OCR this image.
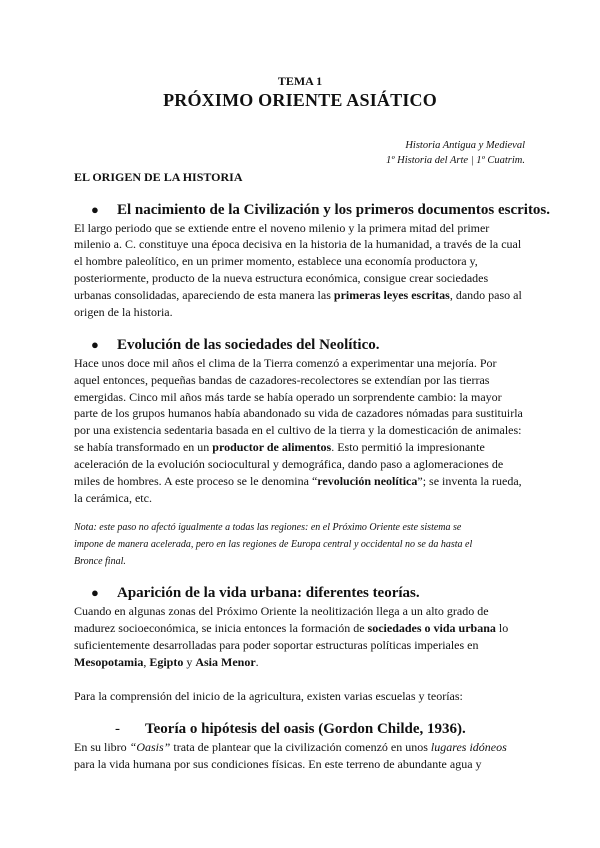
TEMA 1
PRÓXIMO ORIENTE ASIÁTICO
Historia Antigua y Medieval
1º Historia del Arte | 1º Cuatrim.
EL ORIGEN DE LA HISTORIA
● El nacimiento de la Civilización y los primeros documentos escritos.
El largo periodo que se extiende entre el noveno milenio y la primera mitad del primer
milenio a. C. constituye una época decisiva en la historia de la humanidad, a través de la cual
el hombre paleolítico, en un primer momento, establece una economía productora y,
posteriormente, producto de la nueva estructura económica, consigue crear sociedades
urbanas consolidadas, apareciendo de esta manera las primeras leyes escritas, dando paso al
origen de la historia.
● Evolución de las sociedades del Neolítico.
Hace unos doce mil años el clima de la Tierra comenzó a experimentar una mejoría. Por
aquel entonces, pequeñas bandas de cazadores-recolectores se extendían por las tierras
emergidas. Cinco mil años más tarde se había operado un sorprendente cambio: la mayor
parte de los grupos humanos había abandonado su vida de cazadores nómadas para sustituirla
por una existencia sedentaria basada en el cultivo de la tierra y la domesticación de animales:
se había transformado en un productor de alimentos. Esto permitió la impresionante
aceleración de la evolución sociocultural y demográfica, dando paso a aglomeraciones de
miles de hombres. A este proceso se le denomina “revolución neolítica”; se inventa la rueda,
la cerámica, etc.
Nota: este paso no afectó igualmente a todas las regiones: en el Próximo Oriente este sistema se
impone de manera acelerada, pero en las regiones de Europa central y occidental no se da hasta el
Bronce final.
● Aparición de la vida urbana: diferentes teorías.
Cuando en algunas zonas del Próximo Oriente la neolitización llega a un alto grado de
madurez socioeconómica, se inicia entonces la formación de sociedades o vida urbana lo
suficientemente desarrolladas para poder soportar estructuras políticas imperiales en
Mesopotamia, Egipto y Asia Menor.
Para la comprensión del inicio de la agricultura, existen varias escuelas y teorías:
- Teoría o hipótesis del oasis (Gordon Childe, 1936).
En su libro “Oasis” trata de plantear que la civilización comenzó en unos lugares idóneos
para la vida humana por sus condiciones físicas. En este terreno de abundante agua y
